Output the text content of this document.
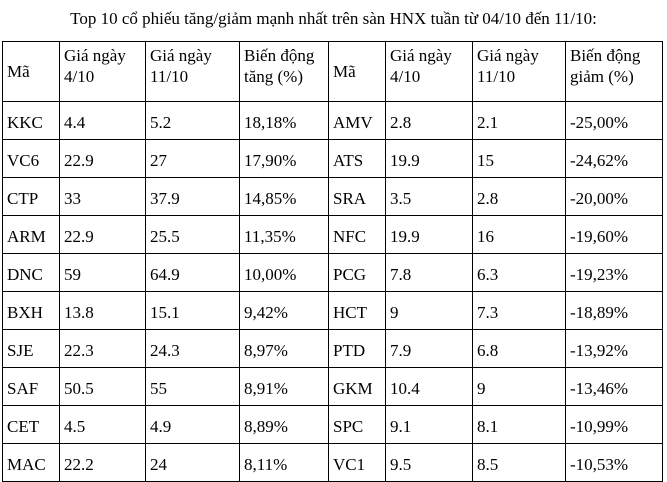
Top 10 cổ phiếu tăng/giảm mạnh nhất trên sàn HNX tuần từ 04/10 đến 11/10:
Mã	Giá ngày 4/10	Giá ngày 11/10	Biến động tăng (%)	Mã	Giá ngày 4/10	Giá ngày 11/10	Biến động giảm (%)
KKC	4.4	5.2	18,18%	AMV	2.8	2.1	-25,00%
VC6	22.9	27	17,90%	ATS	19.9	15	-24,62%
CTP	33	37.9	14,85%	SRA	3.5	2.8	-20,00%
ARM	22.9	25.5	11,35%	NFC	19.9	16	-19,60%
DNC	59	64.9	10,00%	PCG	7.8	6.3	-19,23%
BXH	13.8	15.1	9,42%	HCT	9	7.3	-18,89%
SJE	22.3	24.3	8,97%	PTD	7.9	6.8	-13,92%
SAF	50.5	55	8,91%	GKM	10.4	9	-13,46%
CET	4.5	4.9	8,89%	SPC	9.1	8.1	-10,99%
MAC	22.2	24	8,11%	VC1	9.5	8.5	-10,53%
